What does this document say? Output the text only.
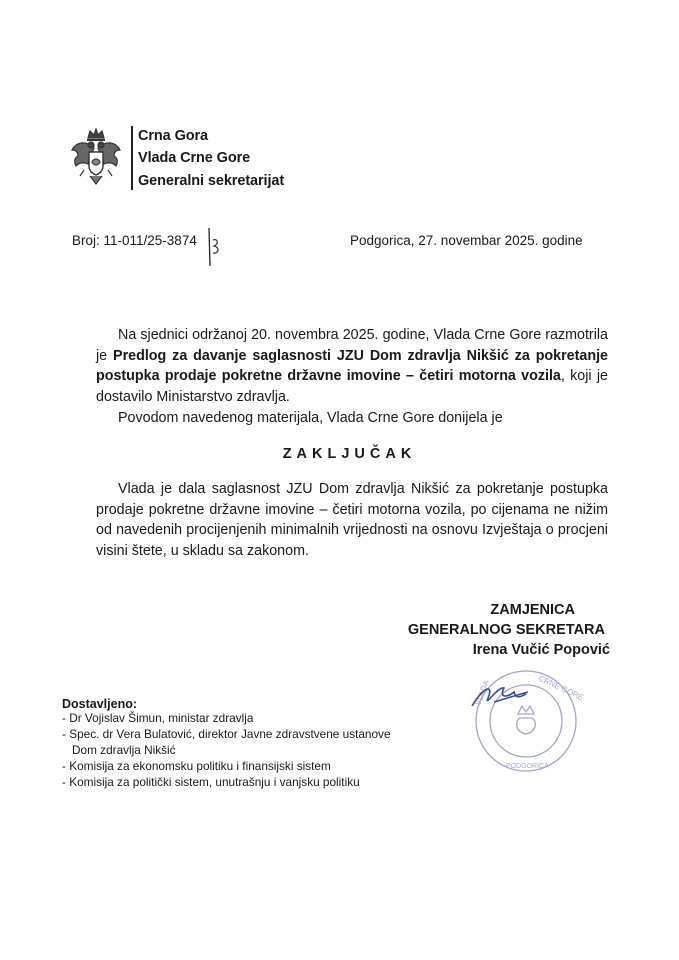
Crna Gora
Vlada Crne Gore
Generalni sekretarijat
Broj: 11-011/25-3874	Podgorica, 27. novembar 2025. godine
Na sjednici održanoj 20. novembra 2025. godine, Vlada Crne Gore razmotrila je Predlog za davanje saglasnosti JZU Dom zdravlja Nikšić za pokretanje postupka prodaje pokretne državne imovine – četiri motorna vozila, koji je dostavilo Ministarstvo zdravlja.
Povodom navedenog materijala, Vlada Crne Gore donijela je
ZAKLJUČAK
Vlada je dala saglasnost JZU Dom zdravlja Nikšić za pokretanje postupka prodaje pokretne državne imovine – četiri motorna vozila, po cijenama ne nižim od navedenih procijenjenih minimalnih vrijednosti na osnovu Izvještaja o procjeni visini štete, u skladu sa zakonom.
ZAMJENICA
GENERALNOG SEKRETARA
Irena Vučić Popović
VLADA	CRNE GORE
PODGORICA
Dostavljeno:
- Dr Vojislav Šimun, ministar zdravlja
- Spec. dr Vera Bulatović, direktor Javne zdravstvene ustanove
Dom zdravlja Nikšić
- Komisija za ekonomsku politiku i finansijski sistem
- Komisija za politički sistem, unutrašnju i vanjsku politiku
